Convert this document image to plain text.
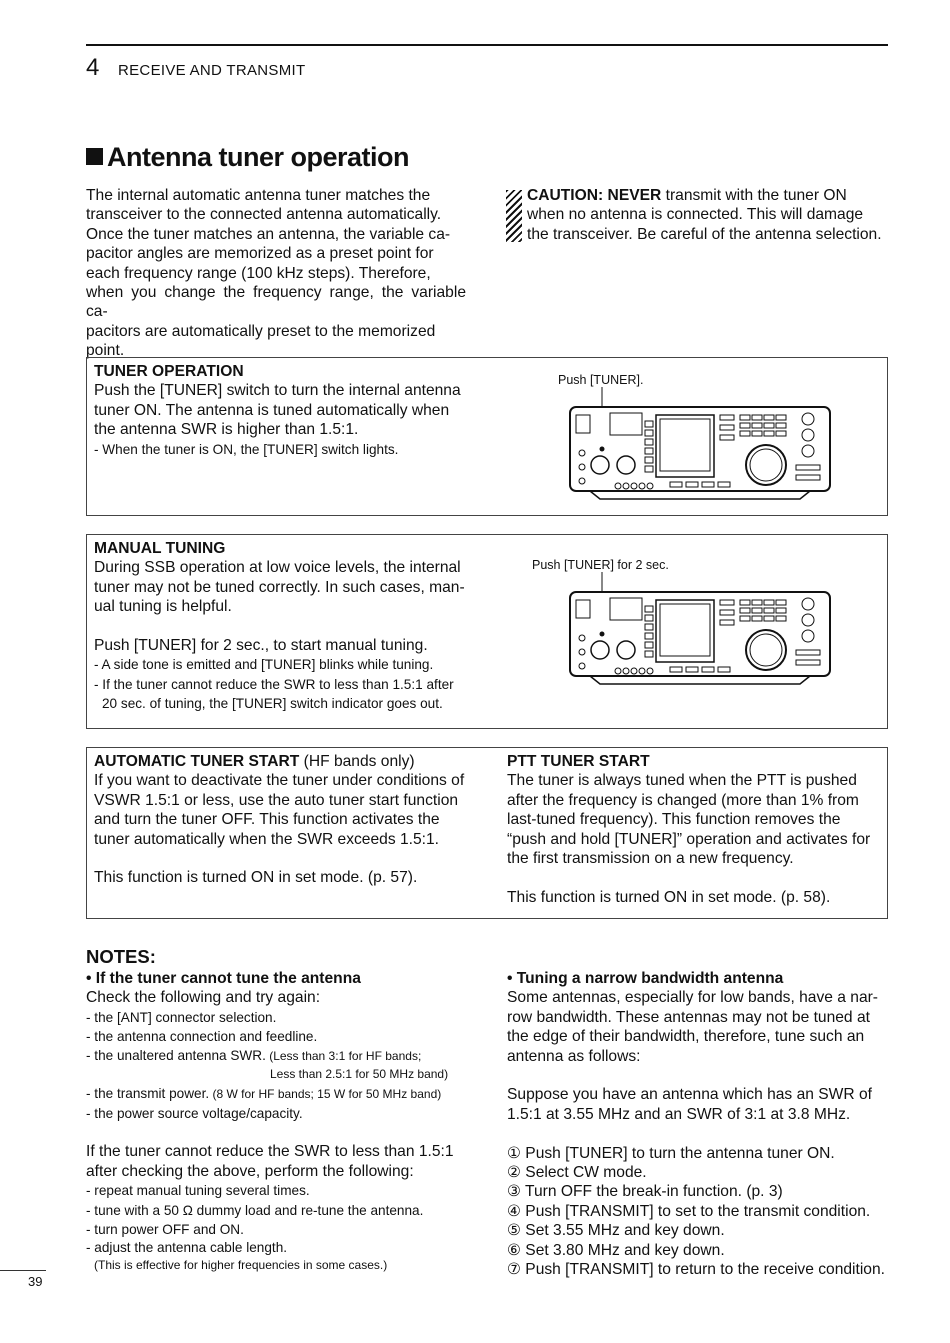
4 RECEIVE AND TRANSMIT
Antenna tuner operation
The internal automatic antenna tuner matches the
transceiver to the connected antenna automatically.
Once the tuner matches an antenna, the variable ca-
pacitor angles are memorized as a preset point for
each frequency range (100 kHz steps). Therefore,
when you change the frequency range, the variable ca-
pacitors are automatically preset to the memorized
point.
CAUTION: NEVER transmit with the tuner ON
when no antenna is connected. This will damage
the transceiver. Be careful of the antenna selection.
TUNER OPERATION
Push the [TUNER] switch to turn the internal antenna
tuner ON. The antenna is tuned automatically when
the antenna SWR is higher than 1.5:1.
- When the tuner is ON, the [TUNER] switch lights.
Push [TUNER].
MANUAL TUNING
During SSB operation at low voice levels, the internal
tuner may not be tuned correctly. In such cases, man-
ual tuning is helpful.
Push [TUNER] for 2 sec., to start manual tuning.
- A side tone is emitted and [TUNER] blinks while tuning.
- If the tuner cannot reduce the SWR to less than 1.5:1 after
20 sec. of tuning, the [TUNER] switch indicator goes out.
Push [TUNER] for 2 sec.
AUTOMATIC TUNER START (HF bands only)
If you want to deactivate the tuner under conditions of
VSWR 1.5:1 or less, use the auto tuner start function
and turn the tuner OFF. This function activates the
tuner automatically when the SWR exceeds 1.5:1.
This function is turned ON in set mode. (p. 57).
PTT TUNER START
The tuner is always tuned when the PTT is pushed
after the frequency is changed (more than 1% from
last-tuned frequency). This function removes the
“push and hold [TUNER]” operation and activates for
the first transmission on a new frequency.
This function is turned ON in set mode. (p. 58).
NOTES:
• If the tuner cannot tune the antenna
Check the following and try again:
- the [ANT] connector selection.
- the antenna connection and feedline.
- the unaltered antenna SWR. (Less than 3:1 for HF bands;
Less than 2.5:1 for 50 MHz band)
- the transmit power. (8 W for HF bands; 15 W for 50 MHz band)
- the power source voltage/capacity.
If the tuner cannot reduce the SWR to less than 1.5:1
after checking the above, perform the following:
- repeat manual tuning several times.
- tune with a 50 Ω dummy load and re-tune the antenna.
- turn power OFF and ON.
- adjust the antenna cable length.
(This is effective for higher frequencies in some cases.)
• Tuning a narrow bandwidth antenna
Some antennas, especially for low bands, have a nar-
row bandwidth. These antennas may not be tuned at
the edge of their bandwidth, therefore, tune such an
antenna as follows:
Suppose you have an antenna which has an SWR of
1.5:1 at 3.55 MHz and an SWR of 3:1 at 3.8 MHz.
① Push [TUNER] to turn the antenna tuner ON.
② Select CW mode.
③ Turn OFF the break-in function. (p. 3)
④ Push [TRANSMIT] to set to the transmit condition.
⑤ Set 3.55 MHz and key down.
⑥ Set 3.80 MHz and key down.
⑦ Push [TRANSMIT] to return to the receive condition.
39
